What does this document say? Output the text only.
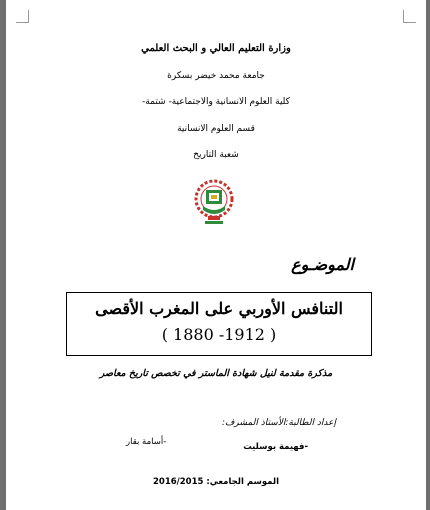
وزارة التعليم العالي و البحث العلمي
جامعة محمد خيضر بسكرة
كلية العلوم الانسانية والاجتماعية- شتمة-
قسم العلوم الانسانية
شعبة التاريخ
الموضـوع
التنافس الأوربي على المغرب الأقصى
( 1880 -1912 )
مذكرة مقدمة لنيل شهادة الماستر في تخصص تاريخ معاصر
إعداد الطالبة:الأستاذ المشرف:
-فهيمة بوسليت
-أسامة بقار
الموسم الجامعي: 2016/2015
